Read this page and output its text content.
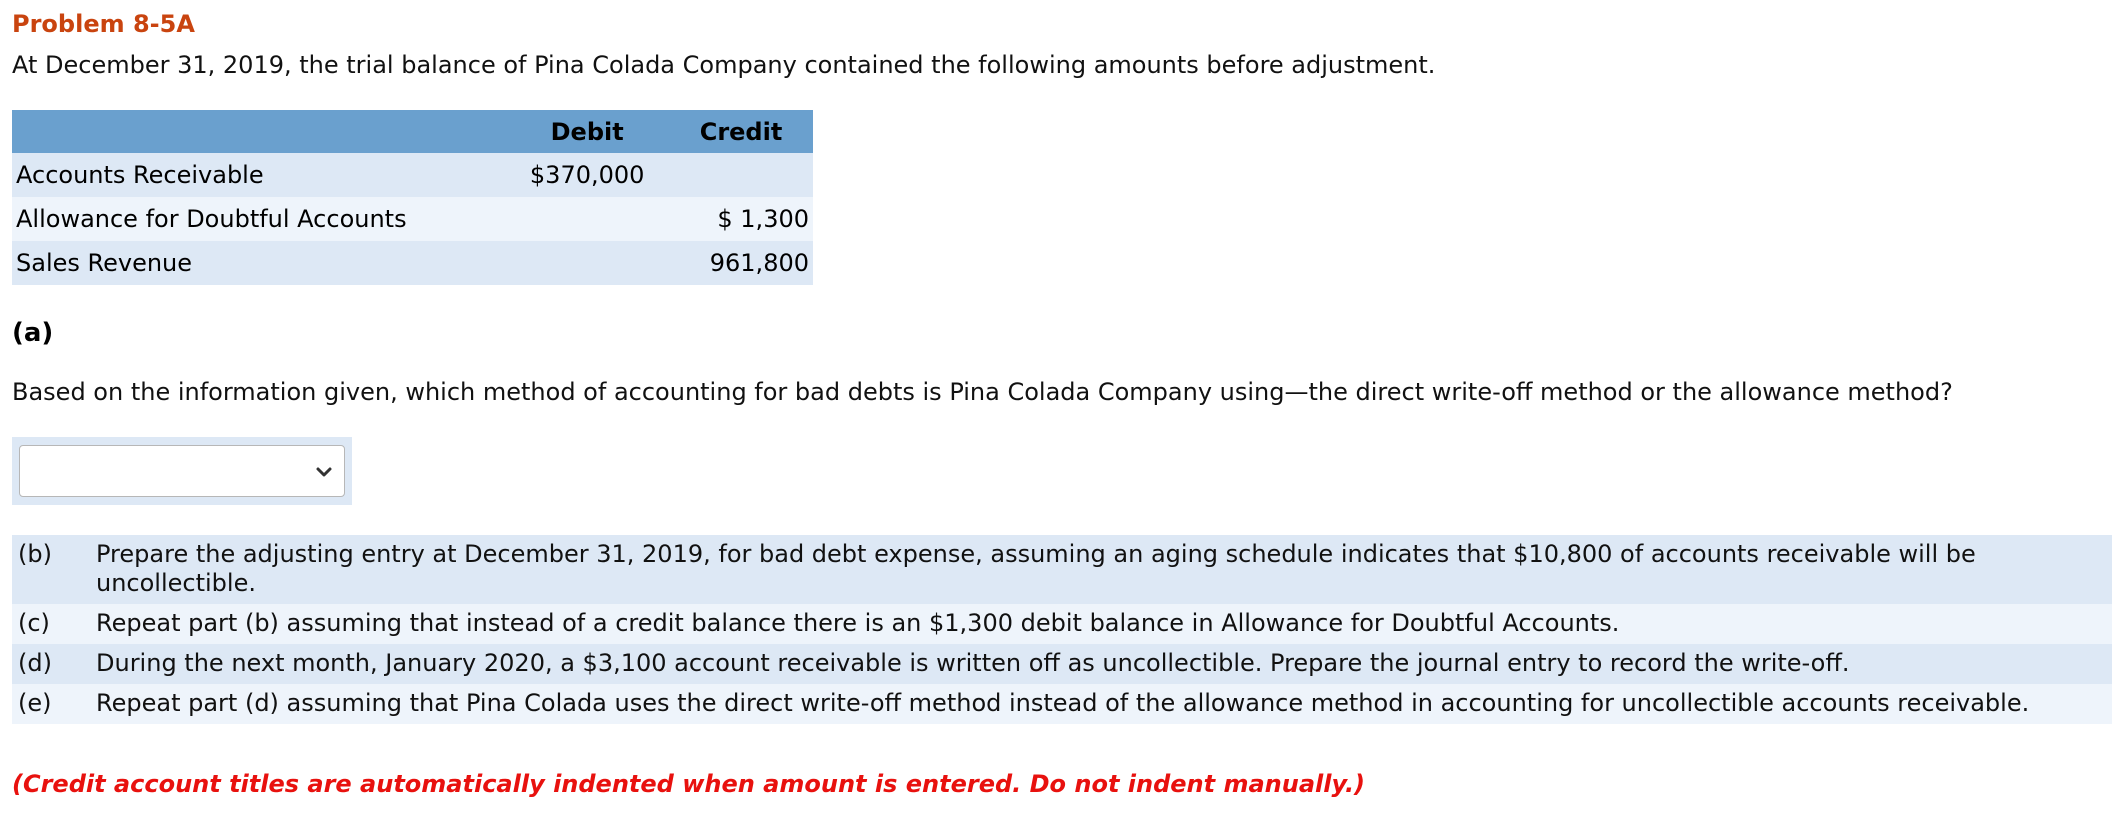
Problem 8-5A
At December 31, 2019, the trial balance of Pina Colada Company contained the following amounts before adjustment.
	Debit	Credit
Accounts Receivable	$370,000	
Allowance for Doubtful Accounts		$ 1,300
Sales Revenue		961,800
(a)
Based on the information given, which method of accounting for bad debts is Pina Colada Company using—the direct write-off method or the allowance method?
(b)	Prepare the adjusting entry at December 31, 2019, for bad debt expense, assuming an aging schedule indicates that $10,800 of accounts receivable will be uncollectible.
(c)	Repeat part (b) assuming that instead of a credit balance there is an $1,300 debit balance in Allowance for Doubtful Accounts.
(d)	During the next month, January 2020, a $3,100 account receivable is written off as uncollectible. Prepare the journal entry to record the write-off.
(e)	Repeat part (d) assuming that Pina Colada uses the direct write-off method instead of the allowance method in accounting for uncollectible accounts receivable.
(Credit account titles are automatically indented when amount is entered. Do not indent manually.)
